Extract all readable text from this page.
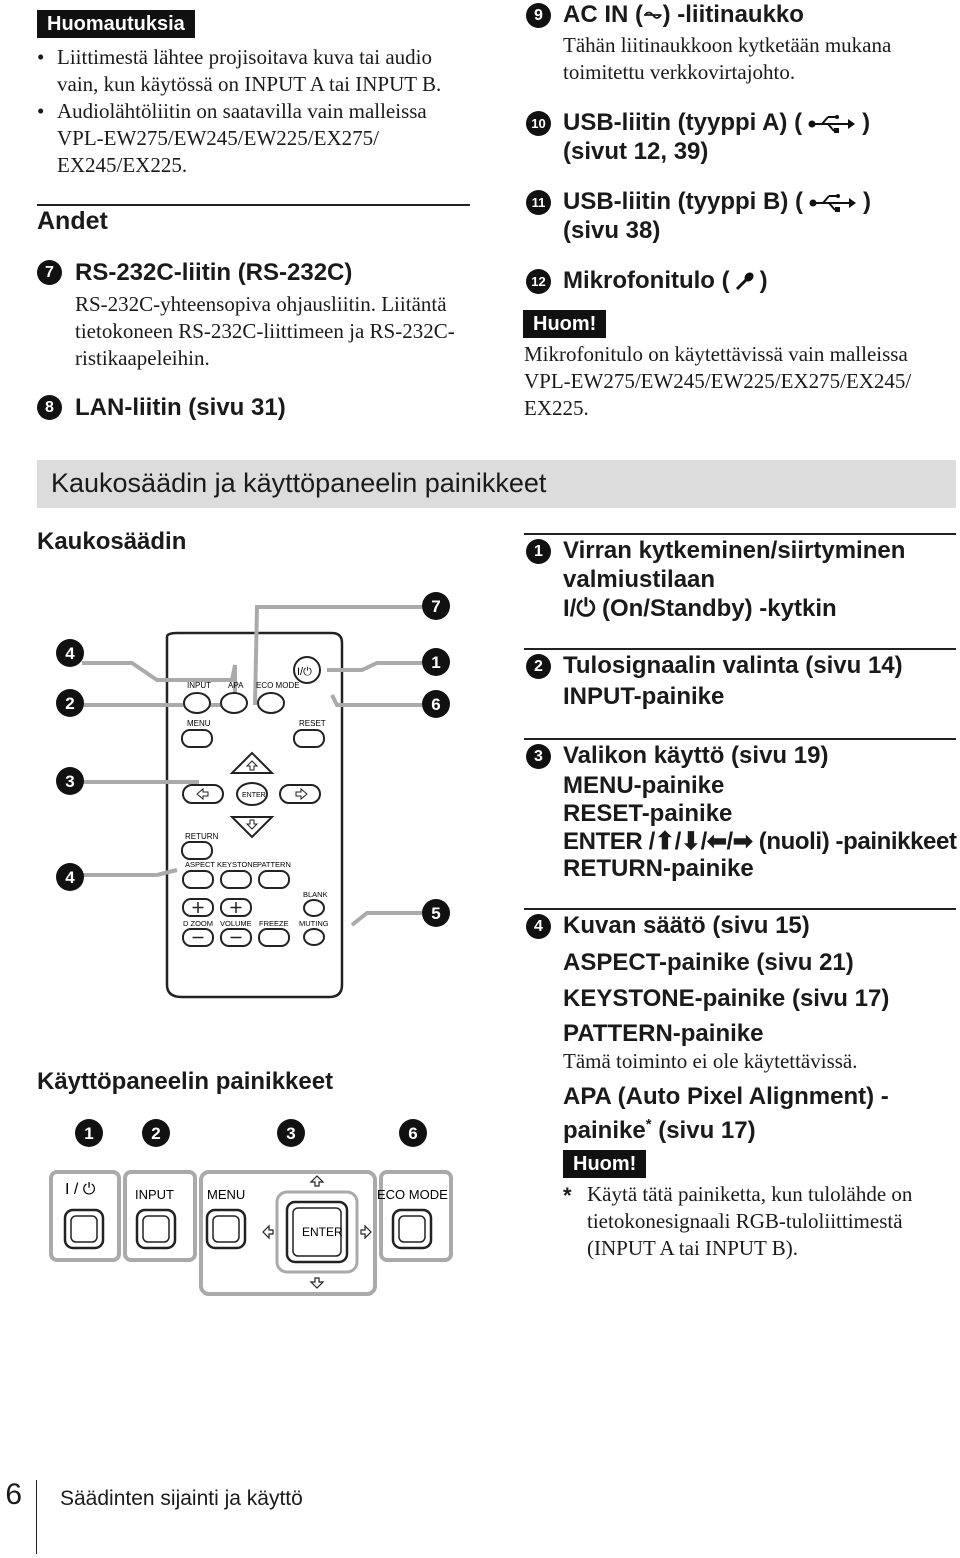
Huomautuksia
• Liittimestä lähtee projisoitava kuva tai audio vain, kun käytössä on INPUT A tai INPUT B.
• Audiolähtöliitin on saatavilla vain malleissa VPL-EW275/EW245/EW225/EX275/ EX245/EX225.
Andet
7 RS-232C-liitin (RS-232C)
RS-232C-yhteensopiva ohjausliitin. Liitäntä tietokoneen RS-232C-liittimeen ja RS-232C-ristikaapeleihin.
8 LAN-liitin (sivu 31)
9 AC IN (⏦) -liitinaukko
Tähän liitinaukkoon kytketään mukana toimitettu verkkovirtajohto.
10 USB-liitin (tyyppi A) (	)
(sivut 12, 39)
11 USB-liitin (tyyppi B) (	)
(sivu 38)
12 Mikrofonitulo ( )
Huom!
Mikrofonitulo on käytettävissä vain malleissa VPL-EW275/EW245/EW225/EX275/EX245/ EX225.
Kaukosäädin ja käyttöpaneelin painikkeet
Kaukosäädin
INPUT APA ECO MODE
I/⏻
MENU	RESET
ENTER
RETURN
ASPECT KEYSTONE PATTERN
BLANK
D ZOOM VOLUME FREEZE MUTING
4
2
3
4
7
1
6
5
Käyttöpaneelin painikkeet
1	2	3	6
I / ⏻	INPUT	MENU
ENTER
ECO MODE
1 Virran kytkeminen/siirtyminen valmiustilaan
I/⏻ (On/Standby) -kytkin
2 Tulosignaalin valinta (sivu 14)
INPUT-painike
3 Valikon käyttö (sivu 19)
MENU-painike
RESET-painike
ENTER /⬆/⬇/⬅/➡ (nuoli) -painikkeet
RETURN-painike
4 Kuvan säätö (sivu 15)
ASPECT-painike (sivu 21)
KEYSTONE-painike (sivu 17)
PATTERN-painike
Tämä toiminto ei ole käytettävissä.
APA (Auto Pixel Alignment) -
painike* (sivu 17)
Huom!
* Käytä tätä painiketta, kun tulolähde on tietokonesignaali RGB-tuloliittimestä (INPUT A tai INPUT B).
6 Säädinten sijainti ja käyttö
